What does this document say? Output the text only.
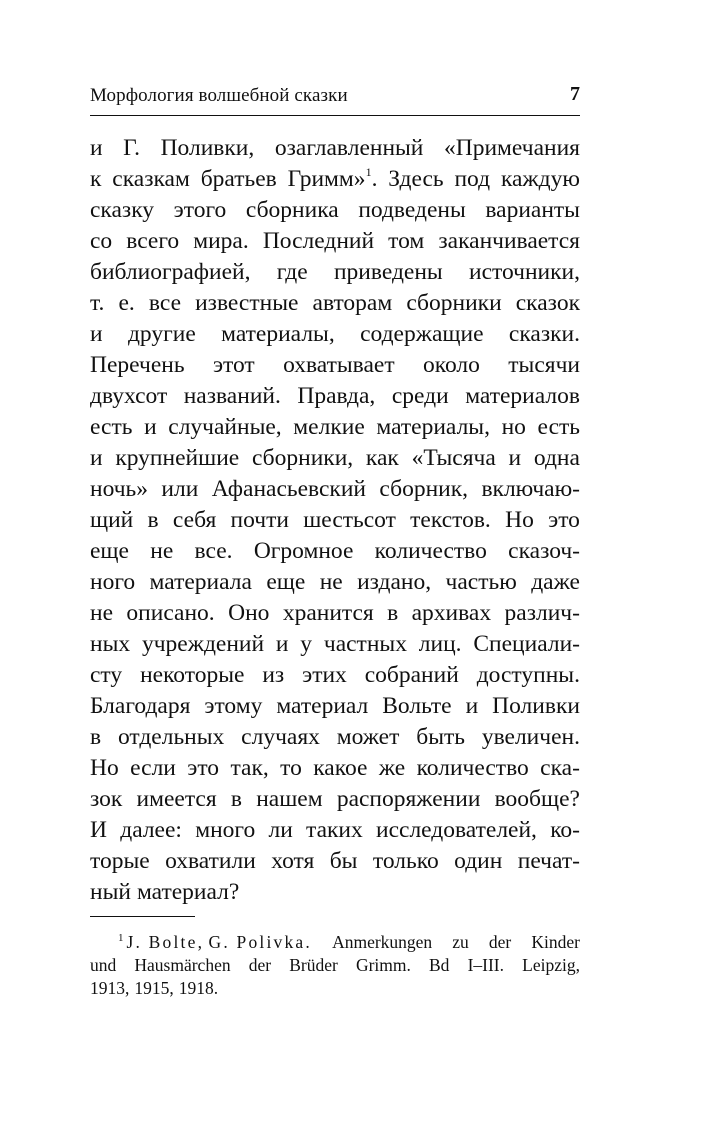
Морфология волшебной сказки	7
и Г. Поливки, озаглавленный «Примечания
к сказкам братьев Гримм»$^1$. Здесь под каждую
сказку этого сборника подведены варианты
со всего мира. Последний том заканчивается
библиографией, где приведены источники,
т. е. все известные авторам сборники сказок
и другие материалы, содержащие сказки.
Перечень этот охватывает около тысячи
двухсот названий. Правда, среди материалов
есть и случайные, мелкие материалы, но есть
и крупнейшие сборники, как «Тысяча и одна
ночь» или Афанасьевский сборник, включаю-
щий в себя почти шестьсот текстов. Но это
еще не все. Огромное количество сказоч-
ного материала еще не издано, частью даже
не описано. Оно хранится в архивах различ-
ных учреждений и у частных лиц. Специали-
сту некоторые из этих собраний доступны.
Благодаря этому материал Вольте и Поливки
в отдельных случаях может быть увеличен.
Но если это так, то какое же количество ска-
зок имеется в нашем распоряжении вообще?
И далее: много ли таких исследователей, ко-
торые охватили хотя бы только один печат-
ный материал?
$^1$ J. Bolte, G. Polivka. Anmerkungen zu der Kinder
und Hausmärchen der Brüder Grimm. Bd I–III. Leipzig,
1913, 1915, 1918.
